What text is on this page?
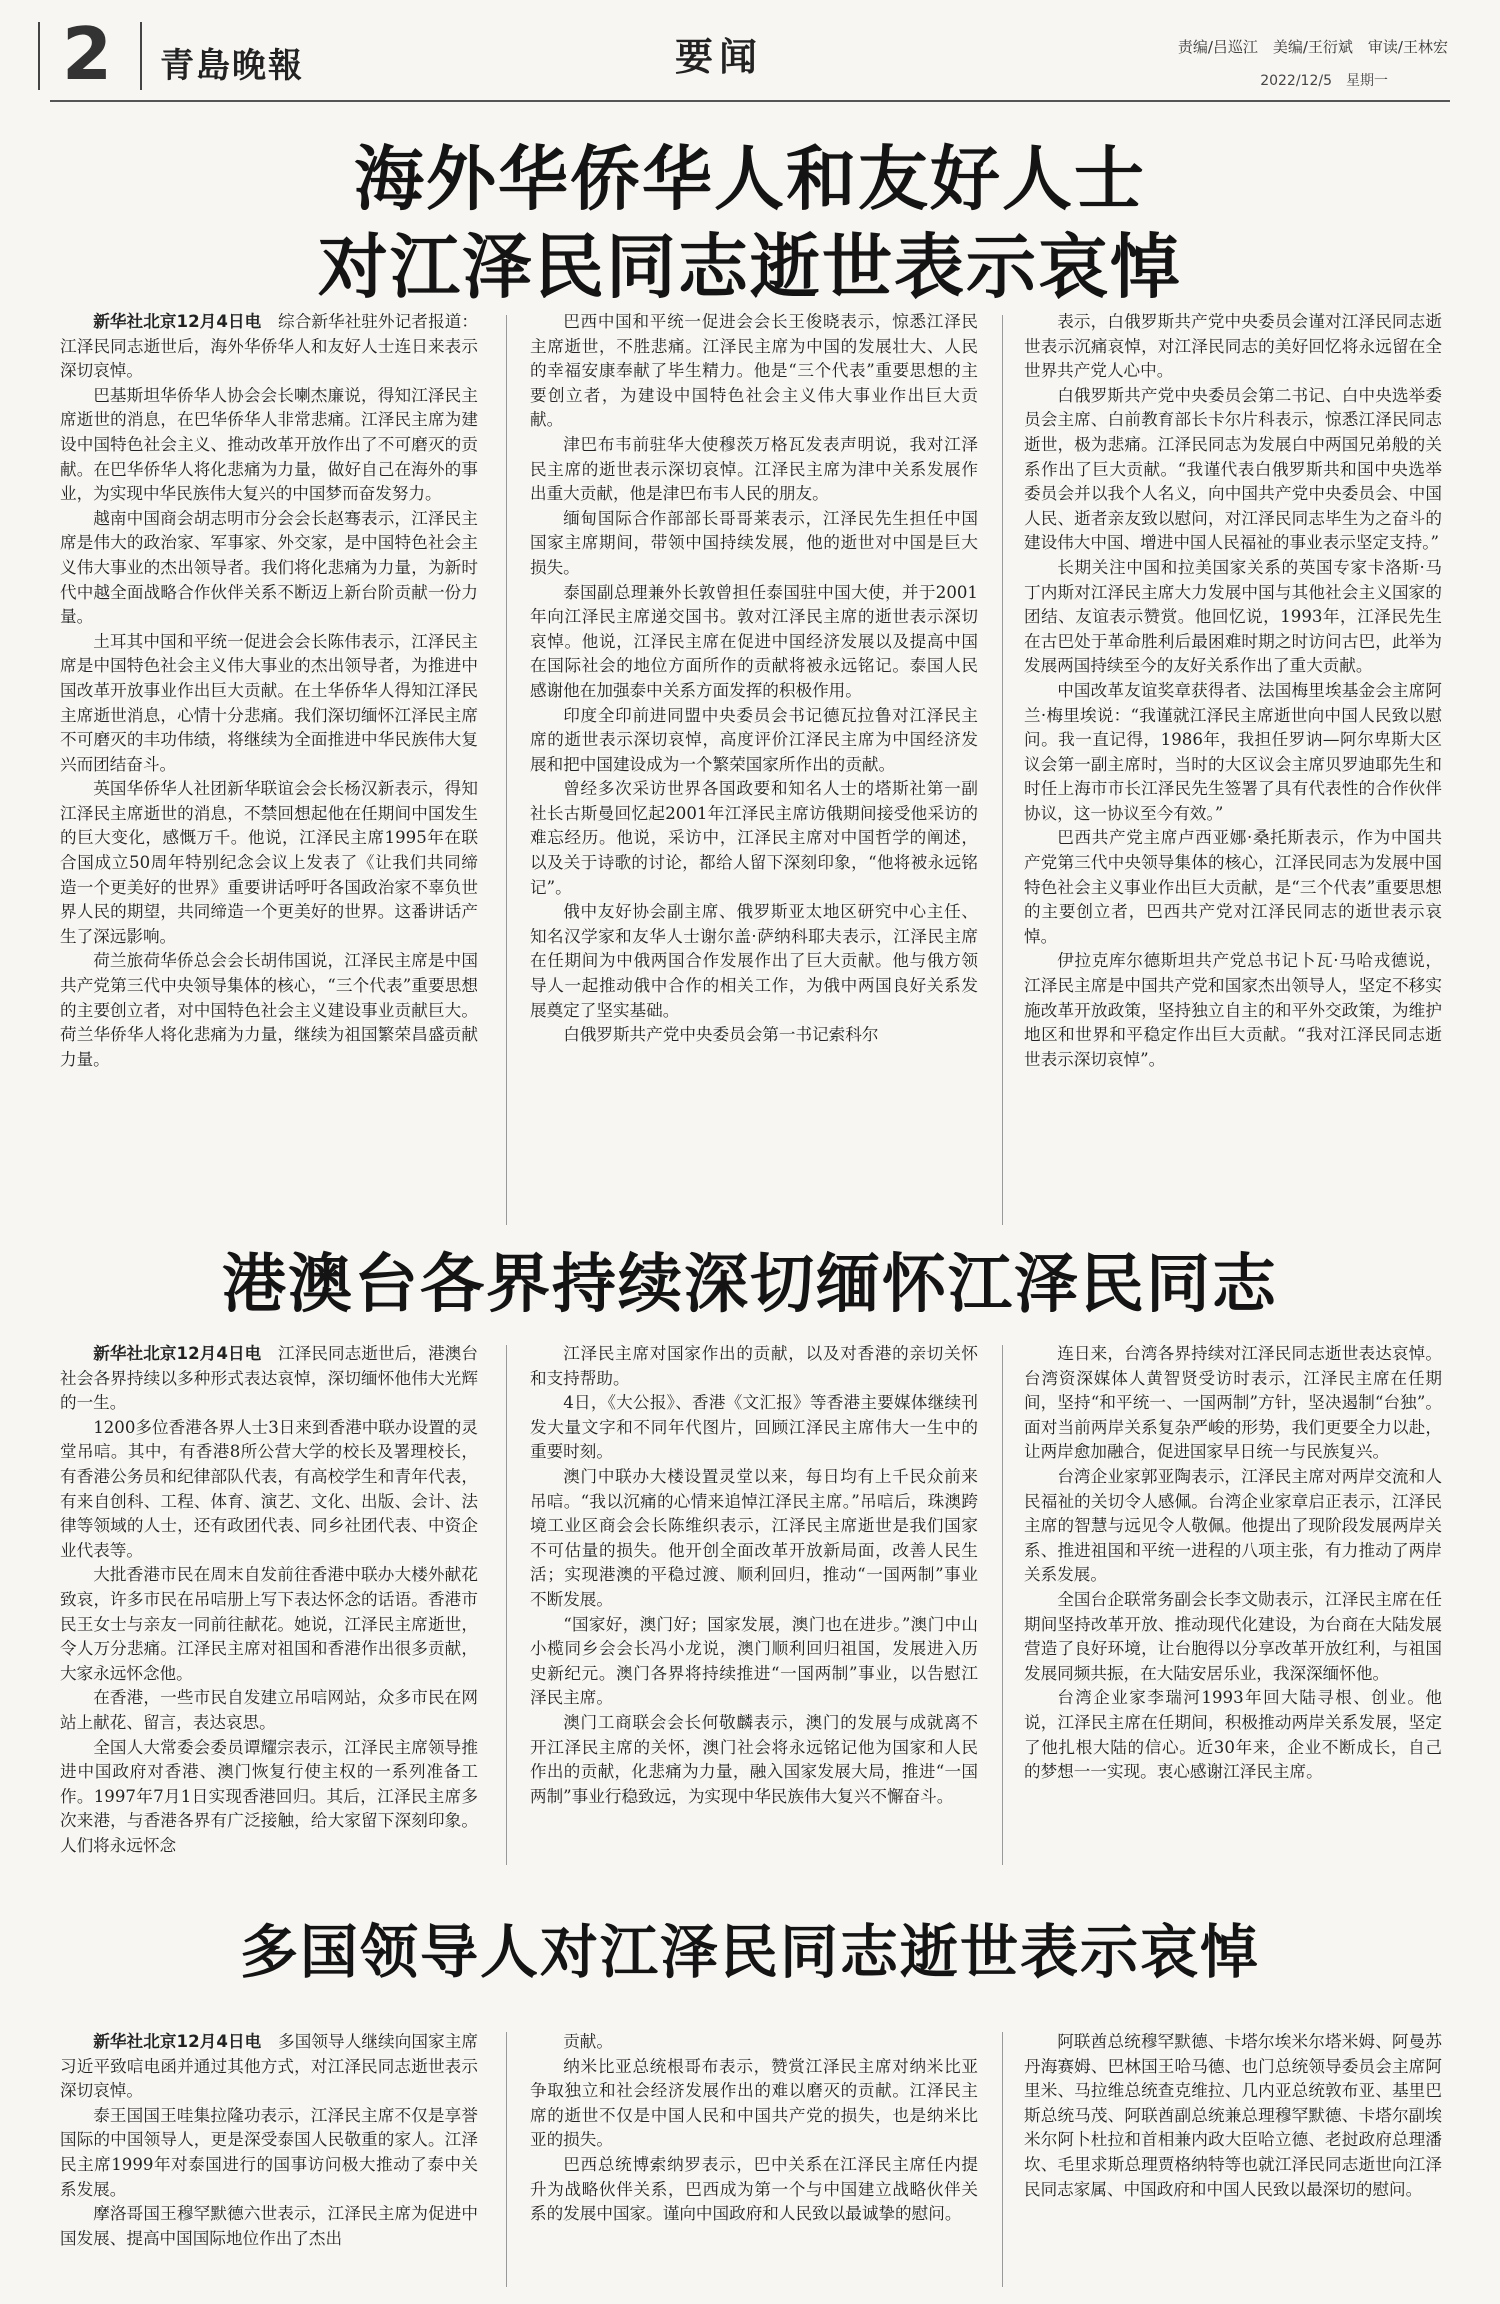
2 青島晚報	要闻	责编/吕巡江　美编/王衍斌　审读/王林宏
2022/12/5　星期一
海外华侨华人和友好人士
对江泽民同志逝世表示哀悼

新华社北京12月4日电　 综合新华社驻外记者报道：江泽民同志逝世后，海外华侨华人和友好人士连日来表示深切哀悼。

巴基斯坦华侨华人协会会长喇杰廉说，得知江泽民主席逝世的消息，在巴华侨华人非常悲痛。江泽民主席为建设中国特色社会主义、推动改革开放作出了不可磨灭的贡献。在巴华侨华人将化悲痛为力量，做好自己在海外的事业，为实现中华民族伟大复兴的中国梦而奋发努力。

越南中国商会胡志明市分会会长赵骞表示，江泽民主席是伟大的政治家、军事家、外交家，是中国特色社会主义伟大事业的杰出领导者。我们将化悲痛为力量，为新时代中越全面战略合作伙伴关系不断迈上新台阶贡献一份力量。

土耳其中国和平统一促进会会长陈伟表示，江泽民主席是中国特色社会主义伟大事业的杰出领导者，为推进中国改革开放事业作出巨大贡献。在土华侨华人得知江泽民主席逝世消息，心情十分悲痛。我们深切缅怀江泽民主席不可磨灭的丰功伟绩，将继续为全面推进中华民族伟大复兴而团结奋斗。

英国华侨华人社团新华联谊会会长杨汉新表示，得知江泽民主席逝世的消息，不禁回想起他在任期间中国发生的巨大变化，感慨万千。他说，江泽民主席1995年在联合国成立50周年特别纪念会议上发表了《让我们共同缔造一个更美好的世界》重要讲话呼吁各国政治家不辜负世界人民的期望，共同缔造一个更美好的世界。这番讲话产生了深远影响。

荷兰旅荷华侨总会会长胡伟国说，江泽民主席是中国共产党第三代中央领导集体的核心，“三个代表”重要思想的主要创立者，对中国特色社会主义建设事业贡献巨大。荷兰华侨华人将化悲痛为力量，继续为祖国繁荣昌盛贡献力量。

巴西中国和平统一促进会会长王俊晓表示，惊悉江泽民主席逝世，不胜悲痛。江泽民主席为中国的发展壮大、人民的幸福安康奉献了毕生精力。他是“三个代表”重要思想的主要创立者，为建设中国特色社会主义伟大事业作出巨大贡献。

津巴布韦前驻华大使穆茨万格瓦发表声明说，我对江泽民主席的逝世表示深切哀悼。江泽民主席为津中关系发展作出重大贡献，他是津巴布韦人民的朋友。

缅甸国际合作部部长哥哥莱表示，江泽民先生担任中国国家主席期间，带领中国持续发展，他的逝世对中国是巨大损失。

泰国副总理兼外长敦曾担任泰国驻中国大使，并于2001年向江泽民主席递交国书。敦对江泽民主席的逝世表示深切哀悼。他说，江泽民主席在促进中国经济发展以及提高中国在国际社会的地位方面所作的贡献将被永远铭记。泰国人民感谢他在加强泰中关系方面发挥的积极作用。

印度全印前进同盟中央委员会书记德瓦拉鲁对江泽民主席的逝世表示深切哀悼，高度评价江泽民主席为中国经济发展和把中国建设成为一个繁荣国家所作出的贡献。

曾经多次采访世界各国政要和知名人士的塔斯社第一副社长古斯曼回忆起2001年江泽民主席访俄期间接受他采访的难忘经历。他说，采访中，江泽民主席对中国哲学的阐述，以及关于诗歌的讨论，都给人留下深刻印象，“他将被永远铭记”。

俄中友好协会副主席、俄罗斯亚太地区研究中心主任、知名汉学家和友华人士谢尔盖·萨纳科耶夫表示，江泽民主席在任期间为中俄两国合作发展作出了巨大贡献。他与俄方领导人一起推动俄中合作的相关工作，为俄中两国良好关系发展奠定了坚实基础。

白俄罗斯共产党中央委员会第一书记索科尔

表示，白俄罗斯共产党中央委员会谨对江泽民同志逝世表示沉痛哀悼，对江泽民同志的美好回忆将永远留在全世界共产党人心中。

白俄罗斯共产党中央委员会第二书记、白中央选举委员会主席、白前教育部长卡尔片科表示，惊悉江泽民同志逝世，极为悲痛。江泽民同志为发展白中两国兄弟般的关系作出了巨大贡献。“我谨代表白俄罗斯共和国中央选举委员会并以我个人名义，向中国共产党中央委员会、中国人民、逝者亲友致以慰问，对江泽民同志毕生为之奋斗的建设伟大中国、增进中国人民福祉的事业表示坚定支持。”

长期关注中国和拉美国家关系的英国专家卡洛斯·马丁内斯对江泽民主席大力发展中国与其他社会主义国家的团结、友谊表示赞赏。他回忆说，1993年，江泽民先生在古巴处于革命胜利后最困难时期之时访问古巴，此举为发展两国持续至今的友好关系作出了重大贡献。

中国改革友谊奖章获得者、法国梅里埃基金会主席阿兰·梅里埃说：“我谨就江泽民主席逝世向中国人民致以慰问。我一直记得，1986年，我担任罗讷—阿尔卑斯大区议会第一副主席时，当时的大区议会主席贝罗迪耶先生和时任上海市市长江泽民先生签署了具有代表性的合作伙伴协议，这一协议至今有效。”

巴西共产党主席卢西亚娜·桑托斯表示，作为中国共产党第三代中央领导集体的核心，江泽民同志为发展中国特色社会主义事业作出巨大贡献，是“三个代表”重要思想的主要创立者，巴西共产党对江泽民同志的逝世表示哀悼。

伊拉克库尔德斯坦共产党总书记卜瓦·马哈戎德说，江泽民主席是中国共产党和国家杰出领导人，坚定不移实施改革开放政策，坚持独立自主的和平外交政策，为维护地区和世界和平稳定作出巨大贡献。“我对江泽民同志逝世表示深切哀悼”。

港澳台各界持续深切缅怀江泽民同志

新华社北京12月4日电　 江泽民同志逝世后，港澳台社会各界持续以多种形式表达哀悼，深切缅怀他伟大光辉的一生。

1200多位香港各界人士3日来到香港中联办设置的灵堂吊唁。其中，有香港8所公营大学的校长及署理校长，有香港公务员和纪律部队代表，有高校学生和青年代表，有来自创科、工程、体育、演艺、文化、出版、会计、法律等领域的人士，还有政团代表、同乡社团代表、中资企业代表等。

大批香港市民在周末自发前往香港中联办大楼外献花致哀，许多市民在吊唁册上写下表达怀念的话语。香港市民王女士与亲友一同前往献花。她说，江泽民主席逝世，令人万分悲痛。江泽民主席对祖国和香港作出很多贡献，大家永远怀念他。

在香港，一些市民自发建立吊唁网站，众多市民在网站上献花、留言，表达哀思。

全国人大常委会委员谭耀宗表示，江泽民主席领导推进中国政府对香港、澳门恢复行使主权的一系列准备工作。1997年7月1日实现香港回归。其后，江泽民主席多次来港，与香港各界有广泛接触，给大家留下深刻印象。人们将永远怀念

江泽民主席对国家作出的贡献，以及对香港的亲切关怀和支持帮助。

4日，《大公报》、香港《文汇报》等香港主要媒体继续刊发大量文字和不同年代图片，回顾江泽民主席伟大一生中的重要时刻。

澳门中联办大楼设置灵堂以来，每日均有上千民众前来吊唁。“我以沉痛的心情来追悼江泽民主席。”吊唁后，珠澳跨境工业区商会会长陈维织表示，江泽民主席逝世是我们国家不可估量的损失。他开创全面改革开放新局面，改善人民生活；实现港澳的平稳过渡、顺利回归，推动“一国两制”事业不断发展。

“国家好，澳门好；国家发展，澳门也在进步。”澳门中山小榄同乡会会长冯小龙说，澳门顺利回归祖国，发展进入历史新纪元。澳门各界将持续推进“一国两制”事业，以告慰江泽民主席。

澳门工商联会会长何敬麟表示，澳门的发展与成就离不开江泽民主席的关怀，澳门社会将永远铭记他为国家和人民作出的贡献，化悲痛为力量，融入国家发展大局，推进“一国两制”事业行稳致远，为实现中华民族伟大复兴不懈奋斗。

连日来，台湾各界持续对江泽民同志逝世表达哀悼。台湾资深媒体人黄智贤受访时表示，江泽民主席在任期间，坚持“和平统一、一国两制”方针，坚决遏制“台独”。面对当前两岸关系复杂严峻的形势，我们更要全力以赴，让两岸愈加融合，促进国家早日统一与民族复兴。

台湾企业家郭亚陶表示，江泽民主席对两岸交流和人民福祉的关切令人感佩。台湾企业家章启正表示，江泽民主席的智慧与远见令人敬佩。他提出了现阶段发展两岸关系、推进祖国和平统一进程的八项主张，有力推动了两岸关系发展。

全国台企联常务副会长李文勋表示，江泽民主席在任期间坚持改革开放、推动现代化建设，为台商在大陆发展营造了良好环境，让台胞得以分享改革开放红利，与祖国发展同频共振，在大陆安居乐业，我深深缅怀他。

台湾企业家李瑞河1993年回大陆寻根、创业。他说，江泽民主席在任期间，积极推动两岸关系发展，坚定了他扎根大陆的信心。近30年来，企业不断成长，自己的梦想一一实现。衷心感谢江泽民主席。

多国领导人对江泽民同志逝世表示哀悼

新华社北京12月4日电　 多国领导人继续向国家主席习近平致唁电函并通过其他方式，对江泽民同志逝世表示深切哀悼。

泰王国国王哇集拉隆功表示，江泽民主席不仅是享誉国际的中国领导人，更是深受泰国人民敬重的家人。江泽民主席1999年对泰国进行的国事访问极大推动了泰中关系发展。

摩洛哥国王穆罕默德六世表示，江泽民主席为促进中国发展、提高中国国际地位作出了杰出

贡献。

纳米比亚总统根哥布表示，赞赏江泽民主席对纳米比亚争取独立和社会经济发展作出的难以磨灭的贡献。江泽民主席的逝世不仅是中国人民和中国共产党的损失，也是纳米比亚的损失。

巴西总统博索纳罗表示，巴中关系在江泽民主席任内提升为战略伙伴关系，巴西成为第一个与中国建立战略伙伴关系的发展中国家。谨向中国政府和人民致以最诚挚的慰问。

阿联酋总统穆罕默德、卡塔尔埃米尔塔米姆、阿曼苏丹海赛姆、巴林国王哈马德、也门总统领导委员会主席阿里米、马拉维总统查克维拉、几内亚总统敦布亚、基里巴斯总统马茂、阿联酋副总统兼总理穆罕默德、卡塔尔副埃米尔阿卜杜拉和首相兼内政大臣哈立德、老挝政府总理潘坎、毛里求斯总理贾格纳特等也就江泽民同志逝世向江泽民同志家属、中国政府和中国人民致以最深切的慰问。
